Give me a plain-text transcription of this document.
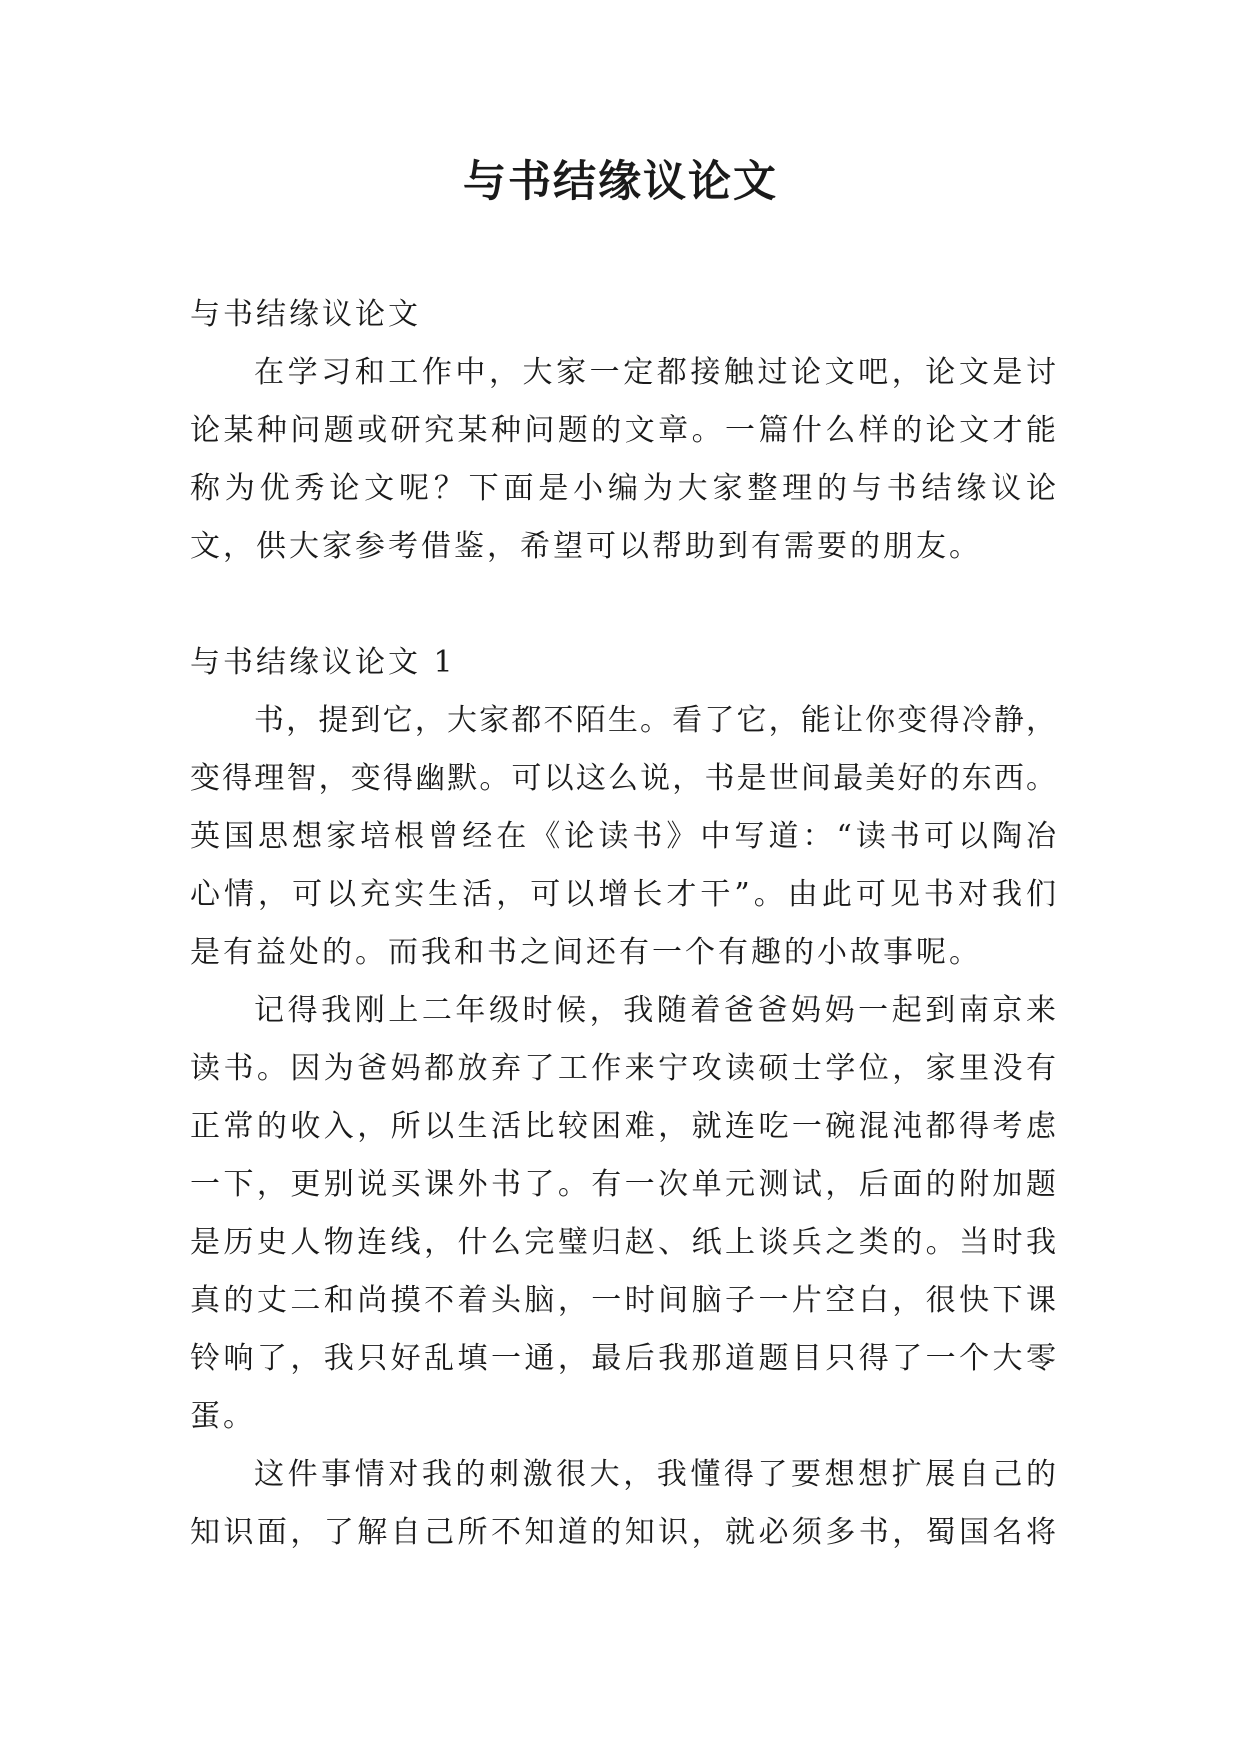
与书结缘议论文
与书结缘议论文
在学习和工作中，大家一定都接触过论文吧，论文是讨
论某种问题或研究某种问题的文章。一篇什么样的论文才能
称为优秀论文呢？下面是小编为大家整理的与书结缘议论
文，供大家参考借鉴，希望可以帮助到有需要的朋友。
与书结缘议论文 1
书，提到它，大家都不陌生。看了它，能让你变得冷静，
变得理智，变得幽默。可以这么说，书是世间最美好的东西。
英国思想家培根曾经在《论读书》中写道：“读书可以陶冶
心情，可以充实生活，可以增长才干”。由此可见书对我们
是有益处的。而我和书之间还有一个有趣的小故事呢。
记得我刚上二年级时候，我随着爸爸妈妈一起到南京来
读书。因为爸妈都放弃了工作来宁攻读硕士学位，家里没有
正常的收入，所以生活比较困难，就连吃一碗混沌都得考虑
一下，更别说买课外书了。有一次单元测试，后面的附加题
是历史人物连线，什么完璧归赵、纸上谈兵之类的。当时我
真的丈二和尚摸不着头脑，一时间脑子一片空白，很快下课
铃响了，我只好乱填一通，最后我那道题目只得了一个大零
蛋。
这件事情对我的刺激很大，我懂得了要想想扩展自己的
知识面，了解自己所不知道的知识，就必须多书，蜀国名将
